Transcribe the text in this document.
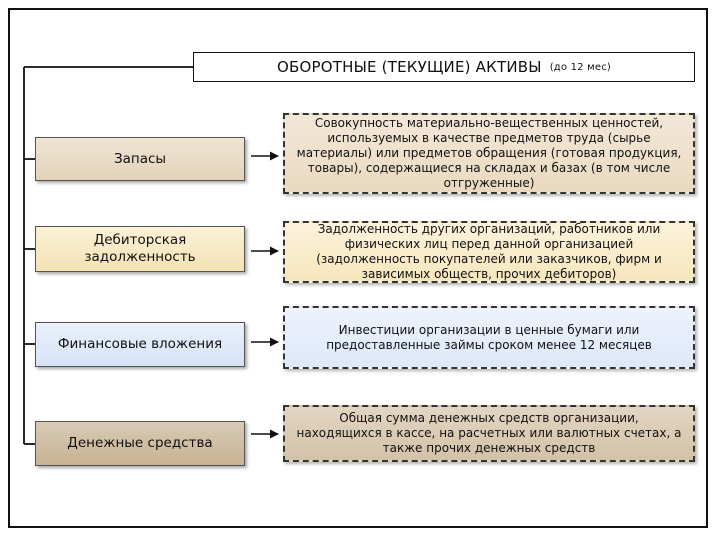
ОБОРОТНЫЕ (ТЕКУЩИЕ) АКТИВЫ (до 12 мес)
Запасы
Дебиторская задолженность
Финансовые вложения
Денежные средства
Совокупность материально-вещественных ценностей, используемых в качестве предметов труда (сырье материалы) или предметов обращения (готовая продукция, товары), содержащиеся на складах и базах (в том числе отгруженные)
Задолженность других организаций, работников или физических лиц перед данной организацией (задолженность покупателей или заказчиков, фирм и зависимых обществ, прочих дебиторов)
Инвестиции организации в ценные бумаги или предоставленные займы сроком менее 12 месяцев
Общая сумма денежных средств организации, находящихся в кассе, на расчетных или валютных счетах, а также прочих денежных средств
